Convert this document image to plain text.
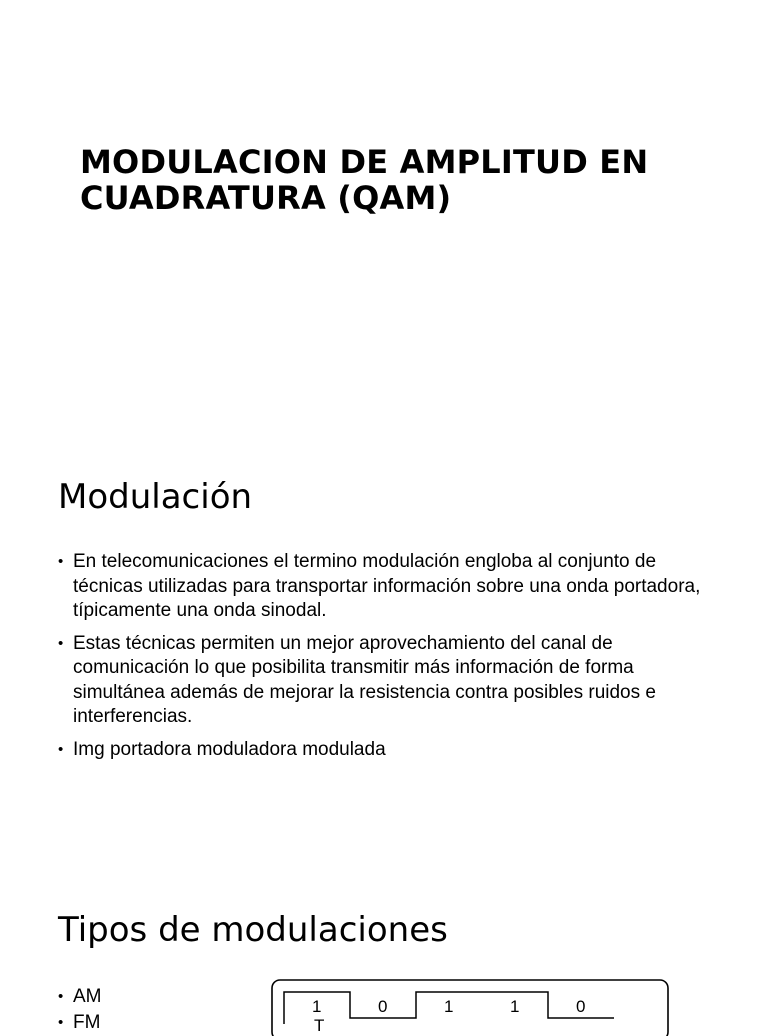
MODULACION DE AMPLITUD EN CUADRATURA (QAM)
Modulación
• En telecomunicaciones el termino modulación engloba al conjunto de técnicas utilizadas para transportar información sobre una onda portadora, típicamente una onda sinodal.
• Estas técnicas permiten un mejor aprovechamiento del canal de comunicación lo que posibilita transmitir más información de forma simultánea además de mejorar la resistencia contra posibles ruidos e interferencias.
• Img portadora moduladora modulada
Tipos de modulaciones
• AM
• FM
1	0	1	1	0
T
